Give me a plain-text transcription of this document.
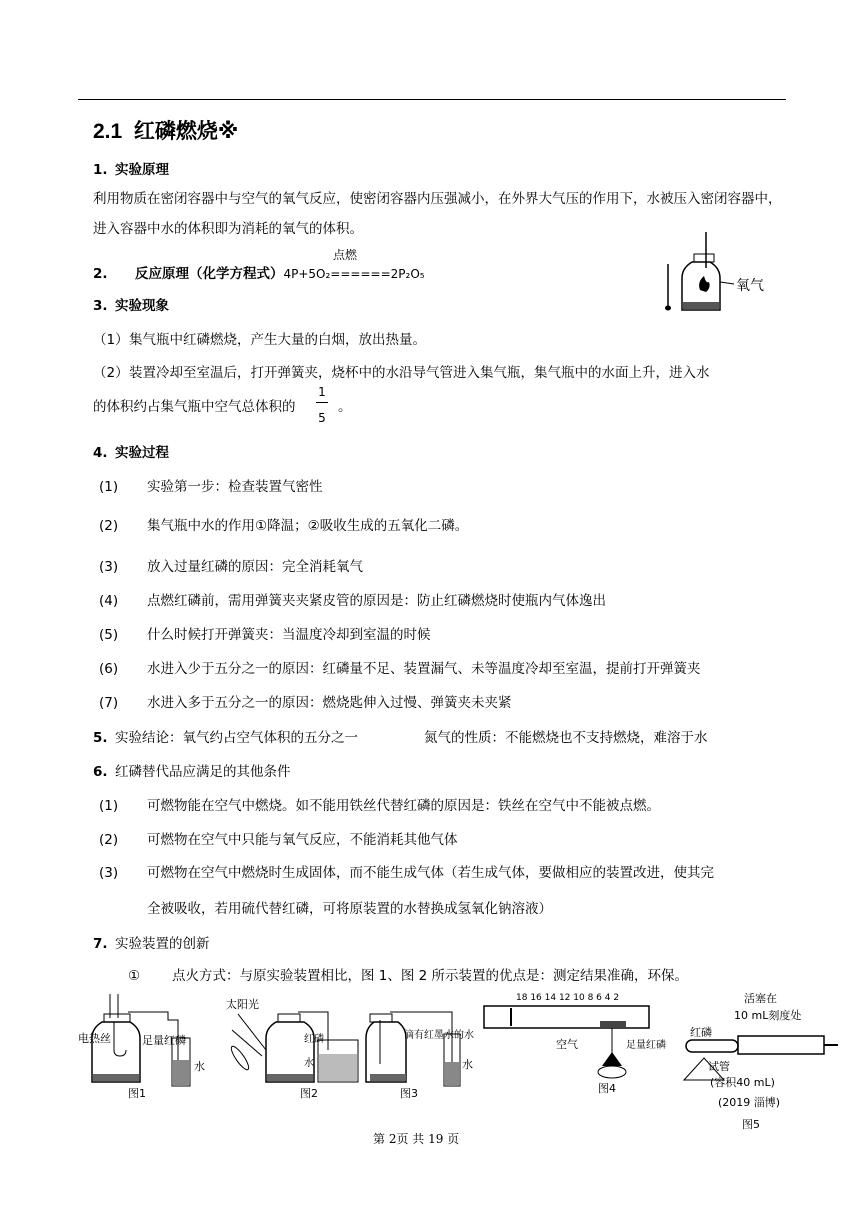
2.1 红磷燃烧※
1. 实验原理
利用物质在密闭容器中与空气的氧气反应，使密闭容器内压强减小，在外界大气压的作用下，水被压入密闭容器中，进入容器中水的体积即为消耗的氧气的体积。
点燃
2. 反应原理（化学方程式）4P+5O₂======2P₂O₅
氧气
3. 实验现象
（1）集气瓶中红磷燃烧，产生大量的白烟，放出热量。
（2）装置冷却至室温后，打开弹簧夹，烧杯中的水沿导气管进入集气瓶，集气瓶中的水面上升，进入水
的体积约占集气瓶中空气总体积的
1
5
。
4. 实验过程
(1) 实验第一步：检查装置气密性
(2) 集气瓶中水的作用①降温；②吸收生成的五氧化二磷。
(3) 放入过量红磷的原因：完全消耗氧气
(4) 点燃红磷前，需用弹簧夹夹紧皮管的原因是：防止红磷燃烧时使瓶内气体逸出
(5) 什么时候打开弹簧夹：当温度冷却到室温的时候
(6) 水进入少于五分之一的原因：红磷量不足、装置漏气、未等温度冷却至室温，提前打开弹簧夹
(7) 水进入多于五分之一的原因：燃烧匙伸入过慢、弹簧夹未夹紧
5. 实验结论：氧气约占空气体积的五分之一	氮气的性质：不能燃烧也不支持燃烧，难溶于水
6. 红磷替代品应满足的其他条件
(1) 可燃物能在空气中燃烧。如不能用铁丝代替红磷的原因是：铁丝在空气中不能被点燃。
(2) 可燃物在空气中只能与氧气反应，不能消耗其他气体
(3) 可燃物在空气中燃烧时生成固体，而不能生成气体（若生成气体，要做相应的装置改进，使其完
全被吸收，若用硫代替红磷，可将原装置的水替换成氢氧化钠溶液）
7. 实验装置的创新
① 点火方式：与原实验装置相比，图 1、图 2 所示装置的优点是：测定结果准确，环保。
电热丝	足量红磷
水
图1
太阳光
红磷
水
图2
滴有红墨水的水
水
图3
18 16 14 12 10 8 6 4 2
空气	足量红磷
图4
活塞在
10 mL刻度处
红磷
试管
(容积40 mL)
(2019 淄博)
图5
第 2页 共 19 页
